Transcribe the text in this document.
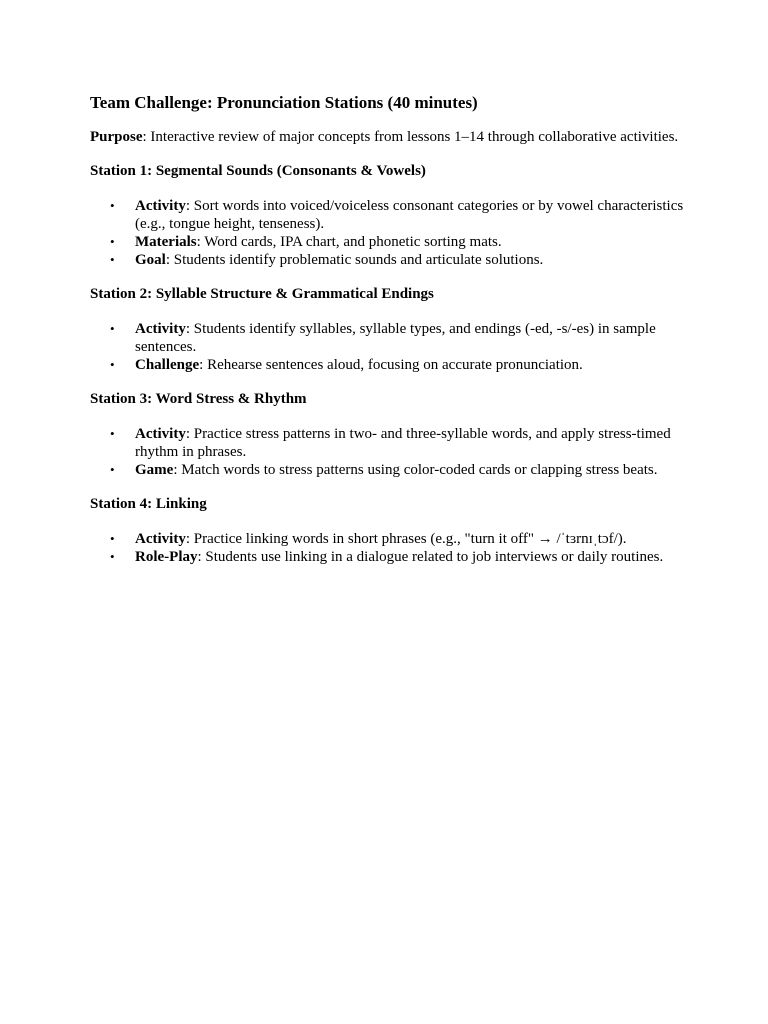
Team Challenge: Pronunciation Stations (40 minutes)

Purpose: Interactive review of major concepts from lessons 1–14 through collaborative activities.

Station 1: Segmental Sounds (Consonants & Vowels)
• Activity: Sort words into voiced/voiceless consonant categories or by vowel characteristics (e.g., tongue height, tenseness).
• Materials: Word cards, IPA chart, and phonetic sorting mats.
• Goal: Students identify problematic sounds and articulate solutions.
Station 2: Syllable Structure & Grammatical Endings
• Activity: Students identify syllables, syllable types, and endings (-ed, -s/-es) in sample sentences.
• Challenge: Rehearse sentences aloud, focusing on accurate pronunciation.
Station 3: Word Stress & Rhythm
• Activity: Practice stress patterns in two- and three-syllable words, and apply stress-timed rhythm in phrases.
• Game: Match words to stress patterns using color-coded cards or clapping stress beats.
Station 4: Linking
• Activity: Practice linking words in short phrases (e.g., "turn it off" → /ˈtɜrnɪˌtɔf/).
• Role-Play: Students use linking in a dialogue related to job interviews or daily routines.
